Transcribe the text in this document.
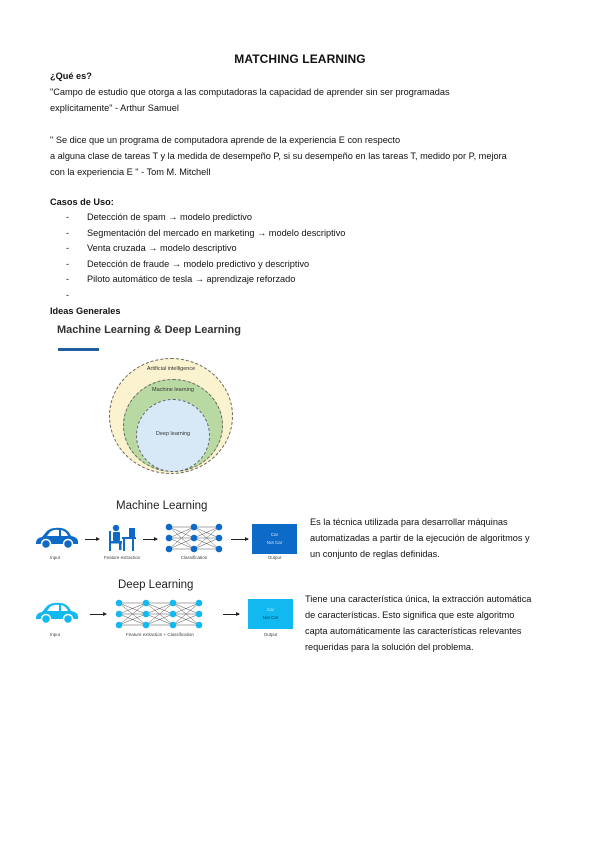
MATCHING LEARNING
¿Qué es?
"Campo de estudio que otorga a las computadoras la capacidad de aprender sin ser programadas
explícitamente" - Arthur Samuel
" Se dice que un programa de computadora aprende de la experiencia E con respecto
a alguna clase de tareas T y la medida de desempeño P, si su desempeño en las tareas T, medido por P, mejora
con la experiencia E " - Tom M. Mitchell
Casos de Uso:
-	Detección de spam → modelo predictivo
-	Segmentación del mercado en marketing → modelo descriptivo
-	Venta cruzada → modelo descriptivo
-	Detección de fraude → modelo predictivo y descriptivo
-	Piloto automático de tesla → aprendizaje reforzado
-
Ideas Generales
Machine Learning & Deep Learning
Artificial intelligence
Machine learning
Deep learning
Machine Learning
Input	Feature extraction	Classification
Car
Not Car
Output
Es la técnica utilizada para desarrollar máquinas
automatizadas a partir de la ejecución de algoritmos y
un conjunto de reglas definidas.
Deep Learning
Input	Feature extraction + Classification
Car
Not Car
Output
Tiene una característica única, la extracción automática
de características. Esto significa que este algoritmo
capta automáticamente las características relevantes
requeridas para la solución del problema.
